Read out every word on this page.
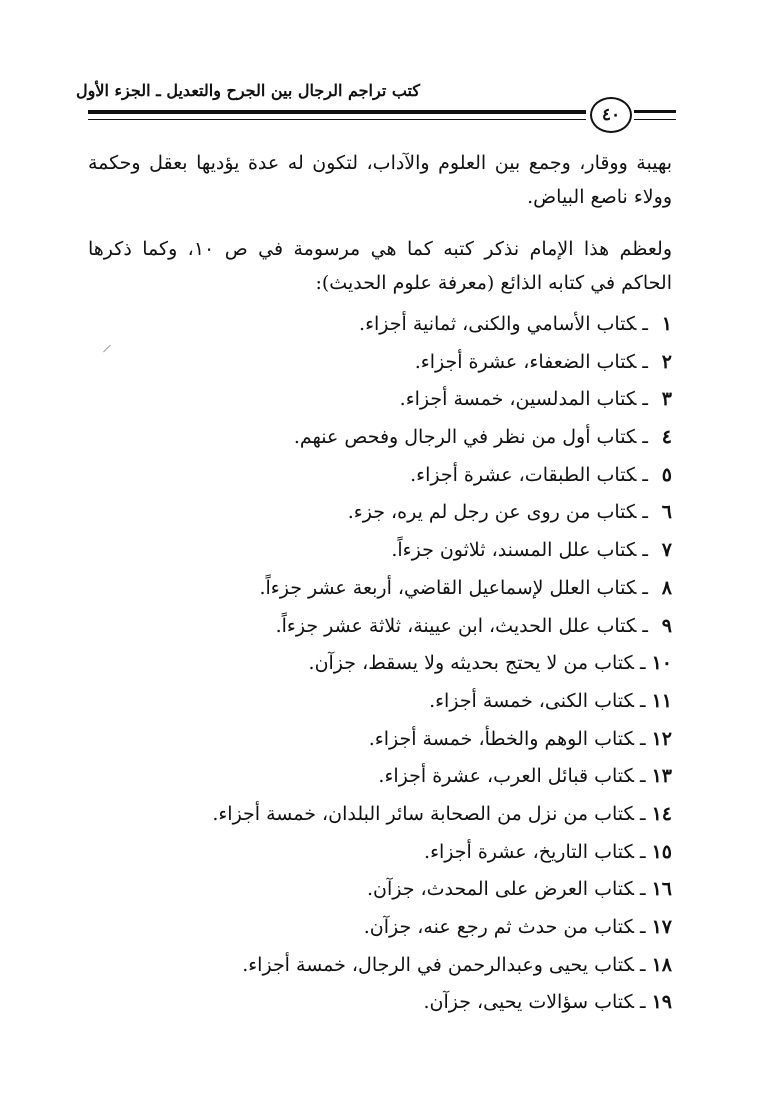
كتب تراجم الرجال بين الجرح والتعديل ـ الجزء الأول
٤٠
بهيبة ووقار، وجمع بين العلوم والآداب، لتكون له عدة يؤديها بعقل وحكمة وولاء ناصع البياض.
ولعظم هذا الإمام نذكر كتبه كما هي مرسومة في ص ١٠، وكما ذكرها الحاكم في كتابه الذائع (معرفة علوم الحديث):
١ـكتاب الأسامي والكنى، ثمانية أجزاء.
٢ـكتاب الضعفاء، عشرة أجزاء.
٣ـكتاب المدلسين، خمسة أجزاء.
٤ـكتاب أول من نظر في الرجال وفحص عنهم.
٥ـكتاب الطبقات، عشرة أجزاء.
٦ـكتاب من روى عن رجل لم يره، جزء.
٧ـكتاب علل المسند، ثلاثون جزءاً.
٨ـكتاب العلل لإسماعيل القاضي، أربعة عشر جزءاً.
٩ـكتاب علل الحديث، ابن عيينة، ثلاثة عشر جزءاً.
١٠ـكتاب من لا يحتج بحديثه ولا يسقط، جزآن.
١١ـكتاب الكنى، خمسة أجزاء.
١٢ـكتاب الوهم والخطأ، خمسة أجزاء.
١٣ـكتاب قبائل العرب، عشرة أجزاء.
١٤ـكتاب من نزل من الصحابة سائر البلدان، خمسة أجزاء.
١٥ـكتاب التاريخ، عشرة أجزاء.
١٦ـكتاب العرض على المحدث، جزآن.
١٧ـكتاب من حدث ثم رجع عنه، جزآن.
١٨ـكتاب يحيى وعبدالرحمن في الرجال، خمسة أجزاء.
١٩ـكتاب سؤالات يحيى، جزآن.
